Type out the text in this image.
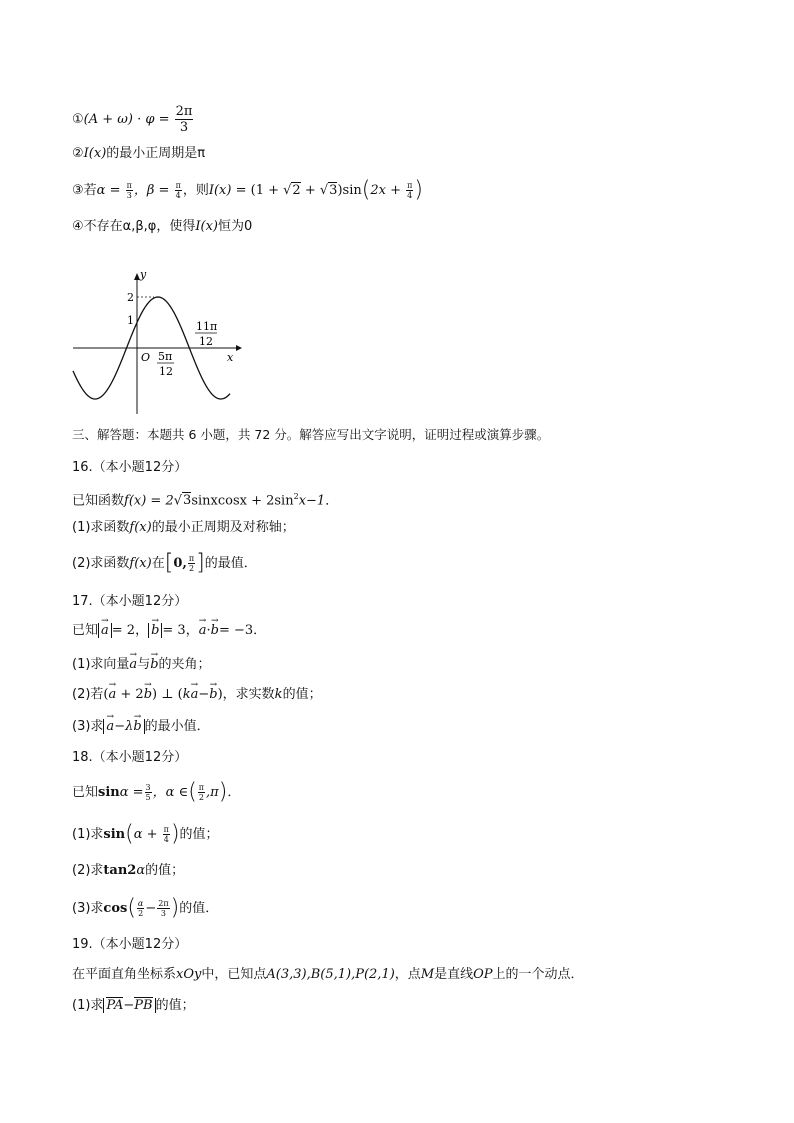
①(A + $\omega) \cdot \varphi = \frac{2\pi}{3}$
②I(x)的最小正周期是π
③若$\alpha = \frac{\pi}{3}$ ，$\beta = \frac{\pi}{4}$ ，则$I(x) = (1 + √2 + √3)\sin(2x + \frac{\pi}{4}$ )
④不存在α,β,φ，使得I(x)恒为0
y
x
O
2
1
5π
12
11π
12
三、解答题：本题共 6 小题，共 72 分。解答应写出文字说明，证明过程或演算步骤。
16.（本小题12分）
已知函数f(x) = 2√3sinxcosx + $2\sin^2x-1$．
(1)求函数f(x)的最小正周期及对称轴；
(2)求函数f(x)在[0, $\frac{\pi}{2}$ ]的最值．
17.（本小题12分）
已知 → a = 2， → b = 3，→ a·→ b= −3．
(1)求向量→ a与→ b的夹角；
(2)若(→ a + 2→ b) ⊥ (k→ a−→ b)，求实数k的值；
(3)求 → a−λ→ b 的最小值．
18.（本小题12分）
已知$\sin\alpha = \frac{3}{5}$ ，α ∈( $\frac{\pi}{2} ,\pi$)．
(1)求$\sin(\alpha + \frac{\pi}{4}$ )的值；
(2)求tan2α的值；
(3)求$\cos( \frac{\alpha}{2} - \frac{2\pi}{3}$ )的值．
19.（本小题12分）
在平面直角坐标系xOy中，已知点A(3,3),B(5,1),P(2,1)，点M是直线OP上的一个动点．
(1)求 PA−PB 的值；
